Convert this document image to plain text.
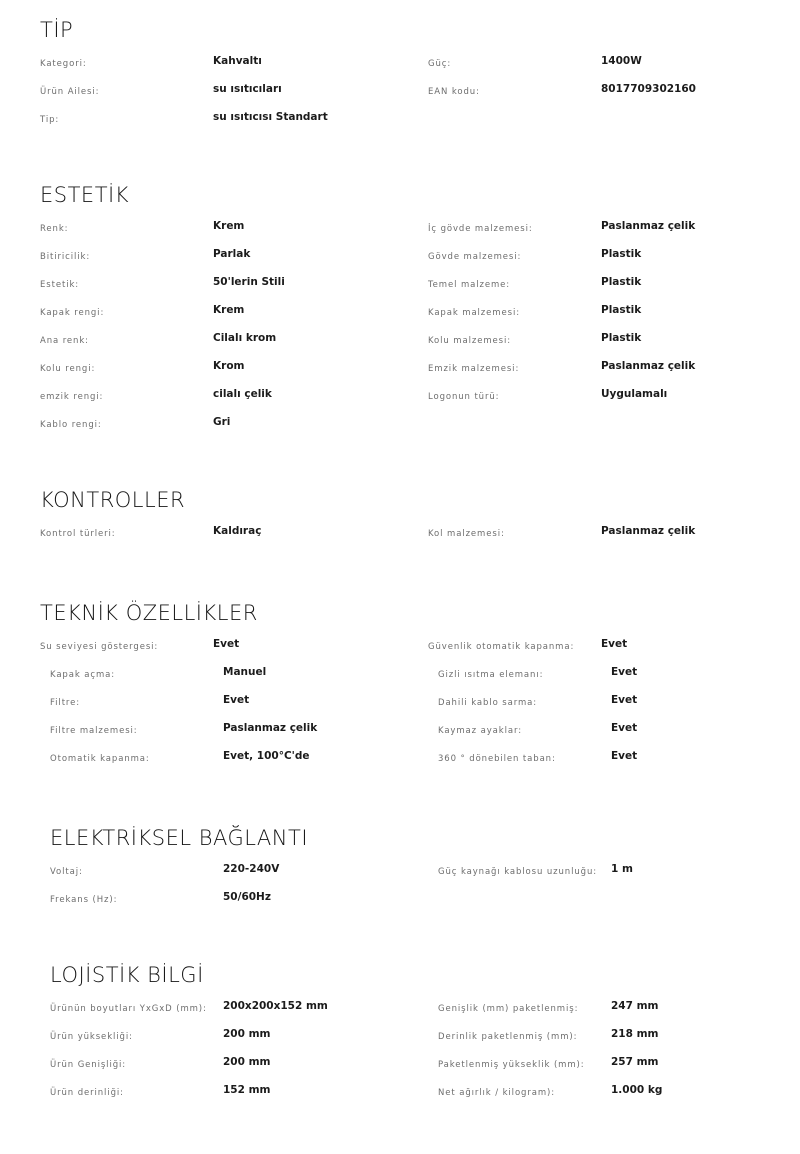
TİP
Kategori:	Kahvaltı
Ürün Ailesi:	su ısıtıcıları
Tip:	su ısıtıcısı Standart
Güç:	1400W
EAN kodu:	8017709302160
ESTETİK
Renk:	Krem
Bitiricilik:	Parlak
Estetik:	50'lerin Stili
Kapak rengi:	Krem
Ana renk:	Cilalı krom
Kolu rengi:	Krom
emzik rengi:	cilalı çelik
Kablo rengi:	Gri
İç gövde malzemesi:	Paslanmaz çelik
Gövde malzemesi:	Plastik
Temel malzeme:	Plastik
Kapak malzemesi:	Plastik
Kolu malzemesi:	Plastik
Emzik malzemesi:	Paslanmaz çelik
Logonun türü:	Uygulamalı
KONTROLLER
Kontrol türleri:	Kaldıraç	Kol malzemesi:	Paslanmaz çelik
TEKNİK ÖZELLİKLER
Su seviyesi göstergesi:	Evet
Kapak açma:	Manuel
Filtre:	Evet
Filtre malzemesi:	Paslanmaz çelik
Otomatik kapanma:	Evet, 100°C'de
Güvenlik otomatik kapanma:	Evet
Gizli ısıtma elemanı:	Evet
Dahili kablo sarma:	Evet
Kaymaz ayaklar:	Evet
360 ° dönebilen taban:	Evet
ELEKTRİKSEL BAĞLANTI
Voltaj:	220-240V
Frekans (Hz):	50/60Hz
Güç kaynağı kablosu uzunluğu: 1 m
LOJİSTİK BİLGİ
Ürünün boyutları YxGxD (mm): 200x200x152 mm
Ürün yüksekliği:	200 mm
Ürün Genişliği:	200 mm
Ürün derinliği:	152 mm
Genişlik (mm) paketlenmiş:	247 mm
Derinlik paketlenmiş (mm):	218 mm
Paketlenmiş yükseklik (mm):	257 mm
Net ağırlık / kilogram):	1.000 kg
